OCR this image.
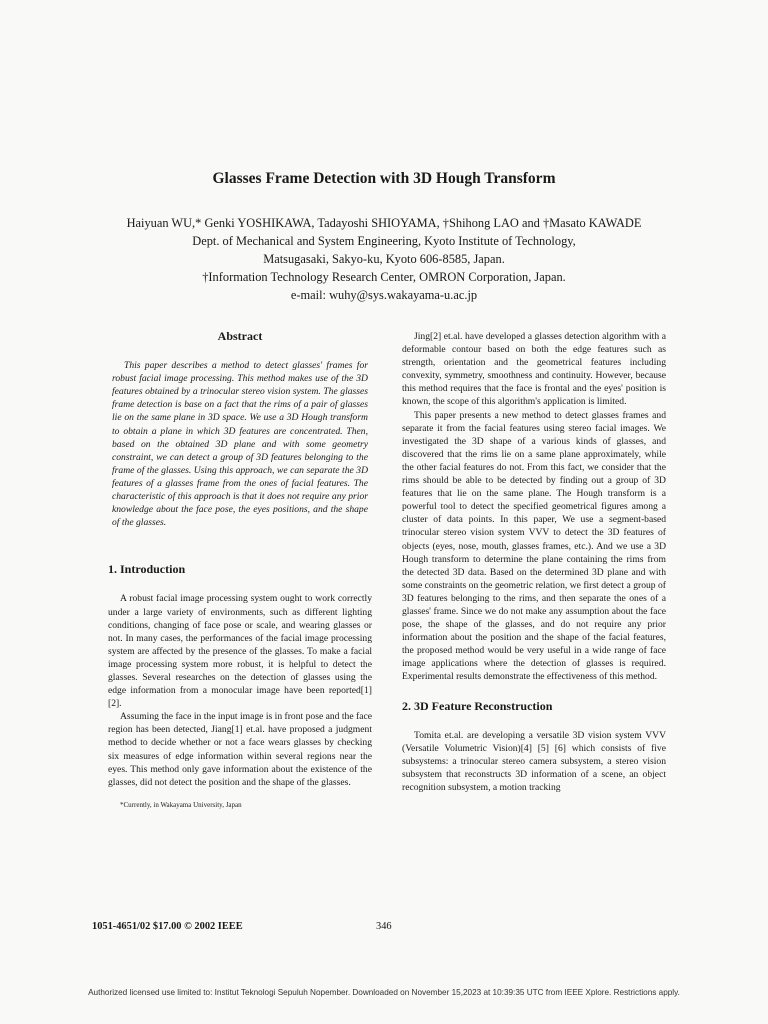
Glasses Frame Detection with 3D Hough Transform
Haiyuan WU,* Genki YOSHIKAWA, Tadayoshi SHIOYAMA, †Shihong LAO and †Masato KAWADE
Dept. of Mechanical and System Engineering, Kyoto Institute of Technology,
Matsugasaki, Sakyo-ku, Kyoto 606-8585, Japan.
†Information Technology Research Center, OMRON Corporation, Japan.
e-mail: wuhy@sys.wakayama-u.ac.jp
Abstract

This paper describes a method to detect glasses' frames for robust facial image processing. This method makes use of the 3D features obtained by a trinocular stereo vision system. The glasses frame detection is base on a fact that the rims of a pair of glasses lie on the same plane in 3D space. We use a 3D Hough transform to obtain a plane in which 3D features are concentrated. Then, based on the obtained 3D plane and with some geometry constraint, we can detect a group of 3D features belonging to the frame of the glasses. Using this approach, we can separate the 3D features of a glasses frame from the ones of facial features. The characteristic of this approach is that it does not require any prior knowledge about the face pose, the eyes positions, and the shape of the glasses.

1. Introduction

A robust facial image processing system ought to work correctly under a large variety of environments, such as different lighting conditions, changing of face pose or scale, and wearing glasses or not. In many cases, the performances of the facial image processing system are affected by the presence of the glasses. To make a facial image processing system more robust, it is helpful to detect the glasses. Several researches on the detection of glasses using the edge information from a monocular image have been reported[1] [2].

Assuming the face in the input image is in front pose and the face region has been detected, Jiang[1] et.al. have proposed a judgment method to decide whether or not a face wears glasses by checking six measures of edge information within several regions near the eyes. This method only gave information about the existence of the glasses, did not detect the position and the shape of the glasses.

*Currently, in Wakayama University, Japan

Jing[2] et.al. have developed a glasses detection algorithm with a deformable contour based on both the edge features such as strength, orientation and the geometrical features including convexity, symmetry, smoothness and continuity. However, because this method requires that the face is frontal and the eyes' position is known, the scope of this algorithm's application is limited.

This paper presents a new method to detect glasses frames and separate it from the facial features using stereo facial images. We investigated the 3D shape of a various kinds of glasses, and discovered that the rims lie on a same plane approximately, while the other facial features do not. From this fact, we consider that the rims should be able to be detected by finding out a group of 3D features that lie on the same plane. The Hough transform is a powerful tool to detect the specified geometrical figures among a cluster of data points. In this paper, We use a segment-based trinocular stereo vision system VVV to detect the 3D features of objects (eyes, nose, mouth, glasses frames, etc.). And we use a 3D Hough transform to determine the plane containing the rims from the detected 3D data. Based on the determined 3D plane and with some constraints on the geometric relation, we first detect a group of 3D features belonging to the rims, and then separate the ones of a glasses' frame. Since we do not make any assumption about the face pose, the shape of the glasses, and do not require any prior information about the position and the shape of the facial features, the proposed method would be very useful in a wide range of face image applications where the detection of glasses is required. Experimental results demonstrate the effectiveness of this method.

2. 3D Feature Reconstruction

Tomita et.al. are developing a versatile 3D vision system VVV (Versatile Volumetric Vision)[4] [5] [6] which consists of five subsystems: a trinocular stereo camera subsystem, a stereo vision subsystem that reconstructs 3D information of a scene, an object recognition subsystem, a motion tracking

1051-4651/02 $17.00 © 2002 IEEE	346
Authorized licensed use limited to: Institut Teknologi Sepuluh Nopember. Downloaded on November 15,2023 at 10:39:35 UTC from IEEE Xplore. Restrictions apply.
